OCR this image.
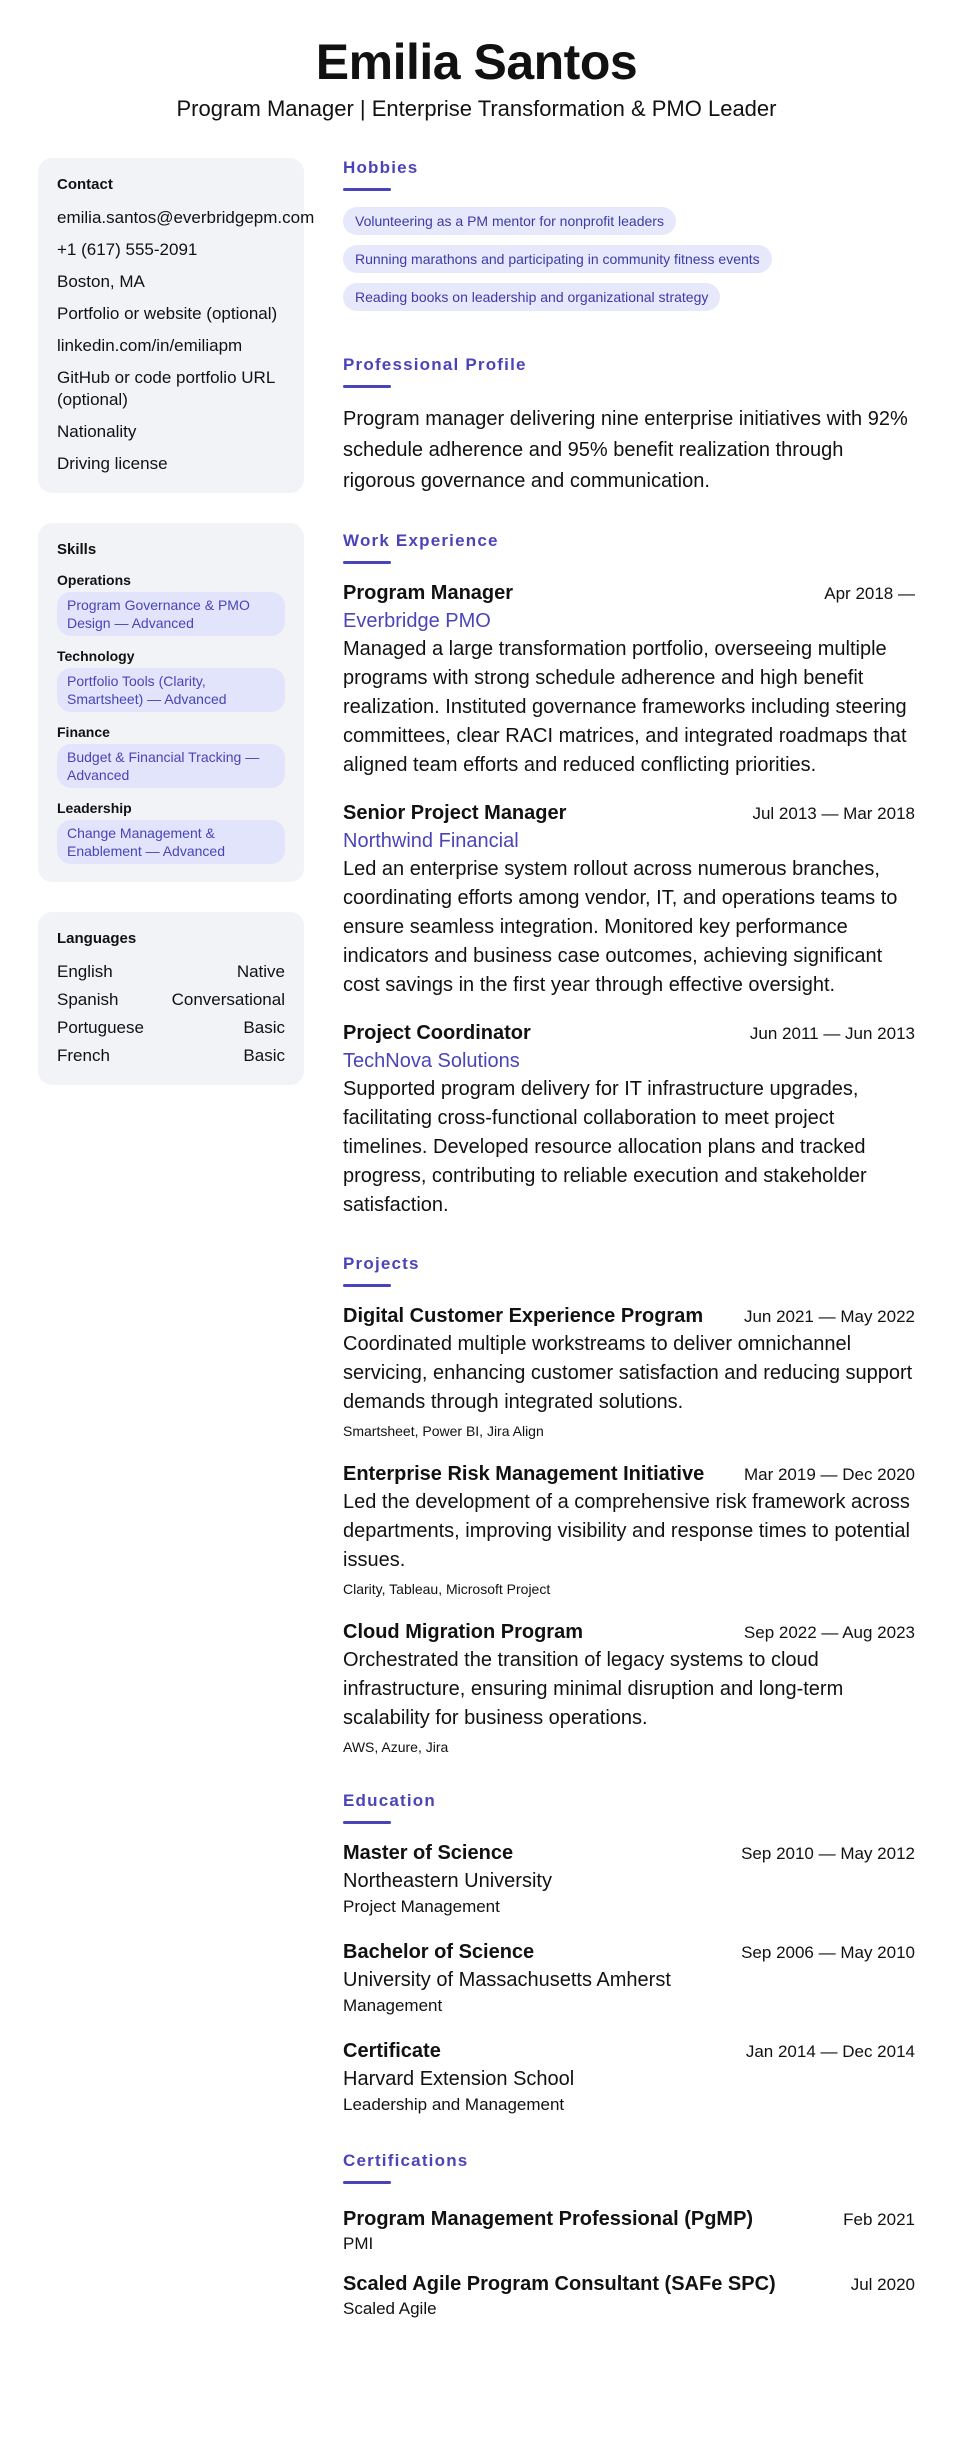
Emilia Santos
Program Manager | Enterprise Transformation & PMO Leader
Contact
emilia.santos@everbridgepm.com
+1 (617) 555-2091
Boston, MA
Portfolio or website (optional)
linkedin.com/in/emiliapm
GitHub or code portfolio URL (optional)
Nationality
Driving license
Skills
Operations
Program Governance & PMO Design — Advanced
Technology
Portfolio Tools (Clarity, Smartsheet) — Advanced
Finance
Budget & Financial Tracking — Advanced
Leadership
Change Management & Enablement — Advanced
Languages
English	Native
Spanish	Conversational
Portuguese	Basic
French	Basic
Hobbies
Volunteering as a PM mentor for nonprofit leaders
Running marathons and participating in community fitness events
Reading books on leadership and organizational strategy
Professional Profile
Program manager delivering nine enterprise initiatives with 92% schedule adherence and 95% benefit realization through rigorous governance and communication.
Work Experience
Program Manager	Apr 2018 —
Everbridge PMO
Managed a large transformation portfolio, overseeing multiple programs with strong schedule adherence and high benefit realization. Instituted governance frameworks including steering committees, clear RACI matrices, and integrated roadmaps that aligned team efforts and reduced conflicting priorities.
Senior Project Manager	Jul 2013 — Mar 2018
Northwind Financial
Led an enterprise system rollout across numerous branches, coordinating efforts among vendor, IT, and operations teams to ensure seamless integration. Monitored key performance indicators and business case outcomes, achieving significant cost savings in the first year through effective oversight.
Project Coordinator	Jun 2011 — Jun 2013
TechNova Solutions
Supported program delivery for IT infrastructure upgrades, facilitating cross-functional collaboration to meet project timelines. Developed resource allocation plans and tracked progress, contributing to reliable execution and stakeholder satisfaction.
Projects
Digital Customer Experience Program Jun 2021 — May 2022
Coordinated multiple workstreams to deliver omnichannel servicing, enhancing customer satisfaction and reducing support demands through integrated solutions.
Smartsheet, Power BI, Jira Align
Enterprise Risk Management Initiative Mar 2019 — Dec 2020
Led the development of a comprehensive risk framework across departments, improving visibility and response times to potential issues.
Clarity, Tableau, Microsoft Project
Cloud Migration Program	Sep 2022 — Aug 2023
Orchestrated the transition of legacy systems to cloud infrastructure, ensuring minimal disruption and long-term scalability for business operations.
AWS, Azure, Jira
Education
Master of Science	Sep 2010 — May 2012
Northeastern University
Project Management
Bachelor of Science	Sep 2006 — May 2010
University of Massachusetts Amherst
Management
Certificate	Jan 2014 — Dec 2014
Harvard Extension School
Leadership and Management
Certifications
Program Management Professional (PgMP)	Feb 2021
PMI
Scaled Agile Program Consultant (SAFe SPC)	Jul 2020
Scaled Agile
